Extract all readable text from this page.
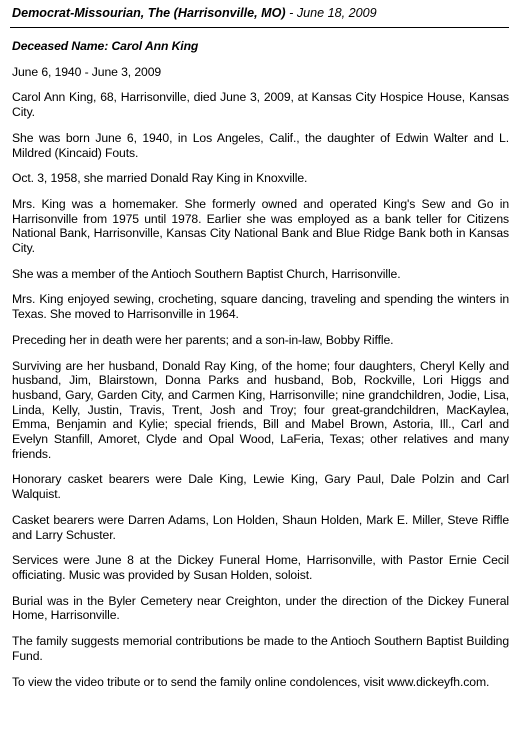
Democrat-Missourian, The (Harrisonville, MO) - June 18, 2009
Deceased Name: Carol Ann King
June 6, 1940 - June 3, 2009

Carol Ann King, 68, Harrisonville, died June 3, 2009, at Kansas City Hospice House, Kansas City.

She was born June 6, 1940, in Los Angeles, Calif., the daughter of Edwin Walter and L. Mildred (Kincaid) Fouts.

Oct. 3, 1958, she married Donald Ray King in Knoxville.

Mrs. King was a homemaker. She formerly owned and operated King's Sew and Go in Harrisonville from 1975 until 1978. Earlier she was employed as a bank teller for Citizens National Bank, Harrisonville, Kansas City National Bank and Blue Ridge Bank both in Kansas City.

She was a member of the Antioch Southern Baptist Church, Harrisonville.

Mrs. King enjoyed sewing, crocheting, square dancing, traveling and spending the winters in Texas. She moved to Harrisonville in 1964.

Preceding her in death were her parents; and a son-in-law, Bobby Riffle.

Surviving are her husband, Donald Ray King, of the home; four daughters, Cheryl Kelly and husband, Jim, Blairstown, Donna Parks and husband, Bob, Rockville, Lori Higgs and husband, Gary, Garden City, and Carmen King, Harrisonville; nine grandchildren, Jodie, Lisa, Linda, Kelly, Justin, Travis, Trent, Josh and Troy; four great-grandchildren, MacKaylea, Emma, Benjamin and Kylie; special friends, Bill and Mabel Brown, Astoria, Ill., Carl and Evelyn Stanfill, Amoret, Clyde and Opal Wood, LaFeria, Texas; other relatives and many friends.

Honorary casket bearers were Dale King, Lewie King, Gary Paul, Dale Polzin and Carl Walquist.

Casket bearers were Darren Adams, Lon Holden, Shaun Holden, Mark E. Miller, Steve Riffle and Larry Schuster.

Services were June 8 at the Dickey Funeral Home, Harrisonville, with Pastor Ernie Cecil officiating. Music was provided by Susan Holden, soloist.

Burial was in the Byler Cemetery near Creighton, under the direction of the Dickey Funeral Home, Harrisonville.

The family suggests memorial contributions be made to the Antioch Southern Baptist Building Fund.

To view the video tribute or to send the family online condolences, visit www.dickeyfh.com.
